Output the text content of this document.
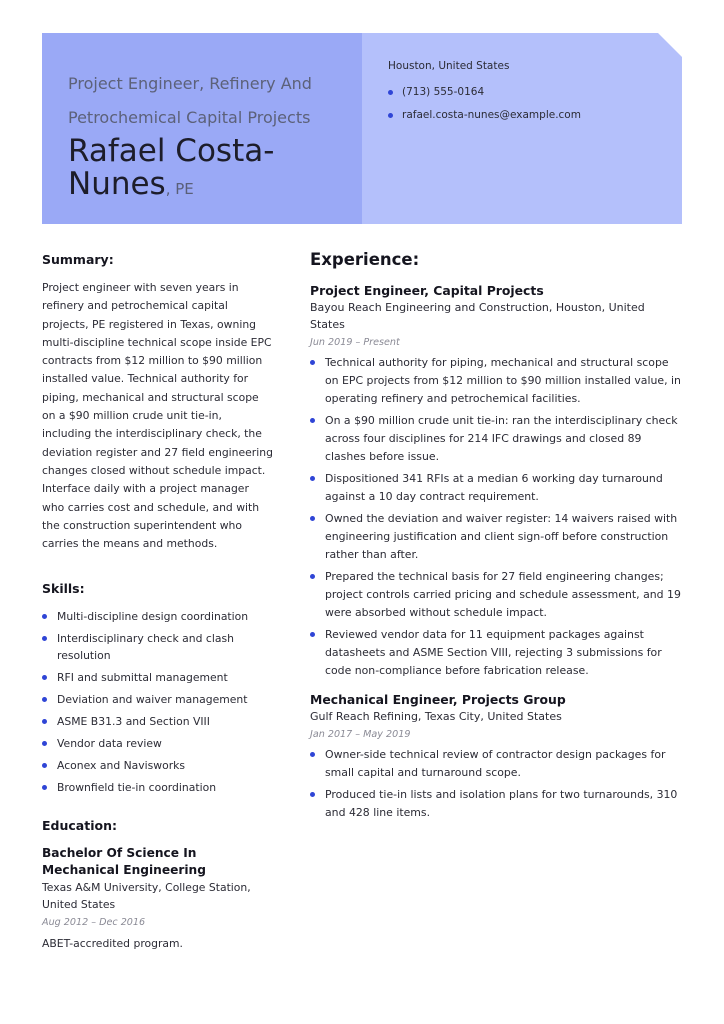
Project Engineer, Refinery And Petrochemical Capital Projects

Rafael Costa-Nunes, PE
Houston, United States
(713) 555-0164
rafael.costa-nunes@example.com
Summary:

Project engineer with seven years in refinery and petrochemical capital projects, PE registered in Texas, owning multi-discipline technical scope inside EPC contracts from $12 million to $90 million installed value. Technical authority for piping, mechanical and structural scope on a $90 million crude unit tie-in, including the interdisciplinary check, the deviation register and 27 field engineering changes closed without schedule impact. Interface daily with a project manager who carries cost and schedule, and with the construction superintendent who carries the means and methods.

Skills:
Multi-discipline design coordination
Interdisciplinary check and clash resolution
RFI and submittal management
Deviation and waiver management
ASME B31.3 and Section VIII
Vendor data review
Aconex and Navisworks
Brownfield tie-in coordination
Education:

Bachelor Of Science In Mechanical Engineering

Texas A&M University, College Station, United States
Aug 2012 – Dec 2016
ABET-accredited program.
Experience:

Project Engineer, Capital Projects

Bayou Reach Engineering and Construction, Houston, United States
Jun 2019 – Present
Technical authority for piping, mechanical and structural scope on EPC projects from $12 million to $90 million installed value, in operating refinery and petrochemical facilities.
On a $90 million crude unit tie-in: ran the interdisciplinary check across four disciplines for 214 IFC drawings and closed 89 clashes before issue.
Dispositioned 341 RFIs at a median 6 working day turnaround against a 10 day contract requirement.
Owned the deviation and waiver register: 14 waivers raised with engineering justification and client sign-off before construction rather than after.
Prepared the technical basis for 27 field engineering changes; project controls carried pricing and schedule assessment, and 19 were absorbed without schedule impact.
Reviewed vendor data for 11 equipment packages against datasheets and ASME Section VIII, rejecting 3 submissions for code non-compliance before fabrication release.

Mechanical Engineer, Projects Group

Gulf Reach Refining, Texas City, United States
Jan 2017 – May 2019
Owner-side technical review of contractor design packages for small capital and turnaround scope.
Produced tie-in lists and isolation plans for two turnarounds, 310 and 428 line items.
